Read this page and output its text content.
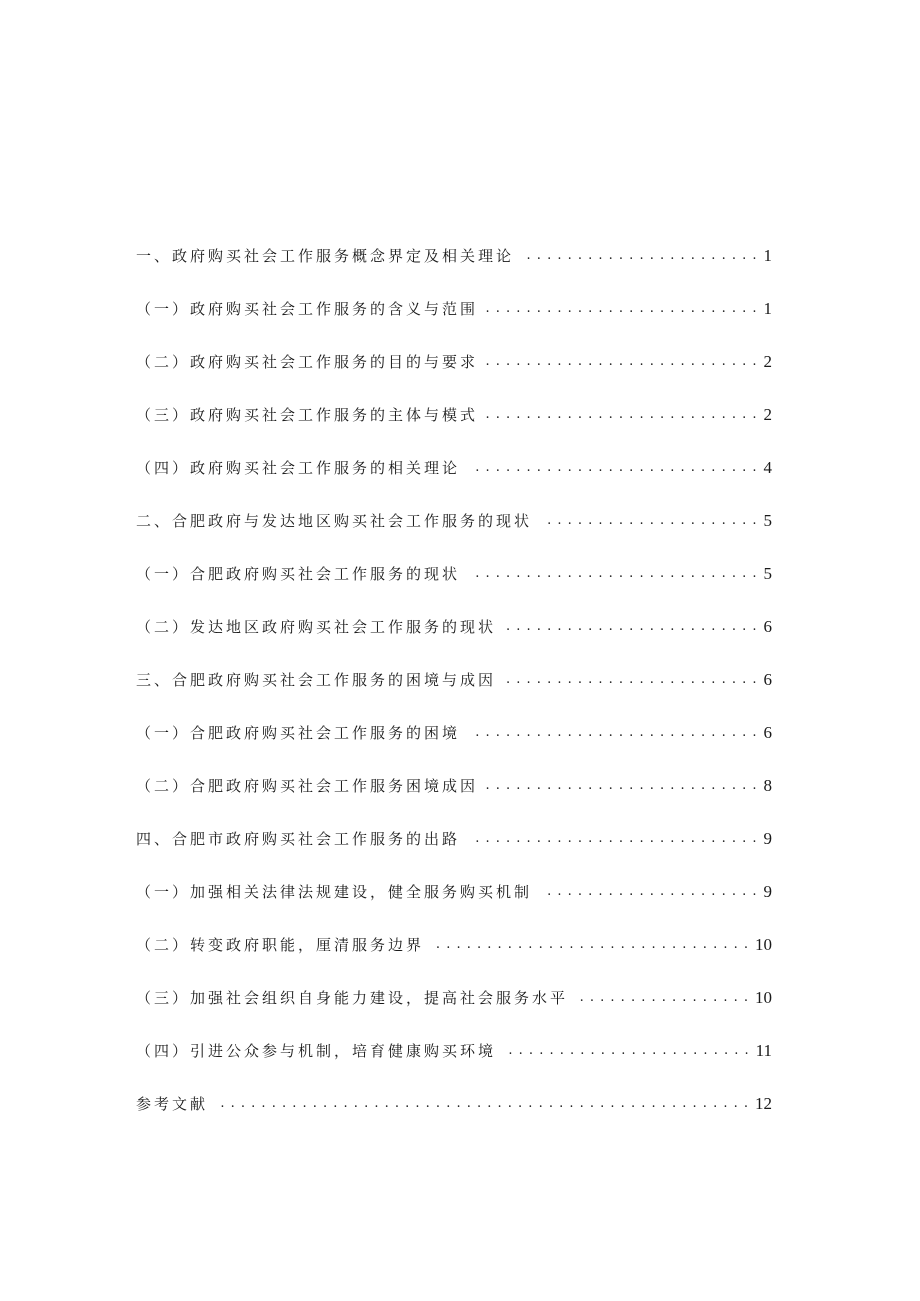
一、政府购买社会工作服务概念界定及相关理论 . . .	1
（一）政府购买社会工作服务的含义与范围 . . .	1
（二）政府购买社会工作服务的目的与要求 . . .	2
（三）政府购买社会工作服务的主体与模式 . . .	2
（四）政府购买社会工作服务的相关理论 . . .	4
二、合肥政府与发达地区购买社会工作服务的现状 . . .	5
（一）合肥政府购买社会工作服务的现状 . . .	5
（二）发达地区政府购买社会工作服务的现状 . . .	6
三、合肥政府购买社会工作服务的困境与成因 . . .	6
（一）合肥政府购买社会工作服务的困境 . . .	6
（二）合肥政府购买社会工作服务困境成因 . . .	8
四、合肥市政府购买社会工作服务的出路 . . .	9
（一）加强相关法律法规建设，健全服务购买机制 . . .	9
（二）转变政府职能，厘清服务边界 . . .	10
（三）加强社会组织自身能力建设，提高社会服务水平 . . .	10
（四）引进公众参与机制，培育健康购买环境 . . .	11
参考文献 . . .	12
